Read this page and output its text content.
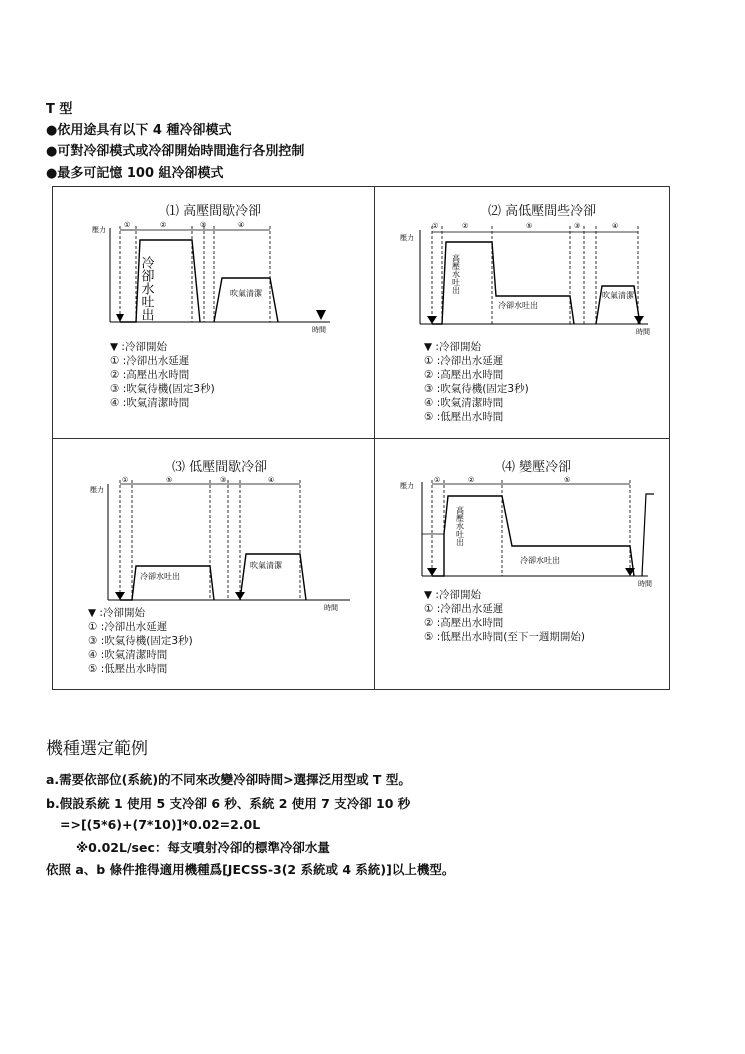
T 型
●依用途具有以下 4 種冷卻模式
●可對冷卻模式或冷卻開始時間進行各別控制
●最多可記憶 100 組冷卻模式
⑴ 高壓間歇冷卻
壓力
時間
①	②	③	④
冷卻水吐出	吹氣清潔
▼ :冷卻開始
① :冷卻出水延遲
② :高壓出水時間
③ :吹氣待機(固定3秒)
④ :吹氣清潔時間
⑵ 高低壓間些冷卻
壓力
時間
①	②	⑤	③	④
高壓水吐出
冷卻水吐出
吹氣清潔
▼ :冷卻開始
① :冷卻出水延遲
② :高壓出水時間
③ :吹氣待機(固定3秒)
④ :吹氣清潔時間
⑤ :低壓出水時間
⑶ 低壓間歇冷卻
壓力
時間
①	⑤	③	④
冷卻水吐出
吹氣清潔
▼ :冷卻開始
① :冷卻出水延遲
③ :吹氣待機(固定3秒)
④ :吹氣清潔時間
⑤ :低壓出水時間
⑷ 變壓冷卻
壓力
時間
①	②	⑤
高壓水吐出
冷卻水吐出
▼ :冷卻開始
① :冷卻出水延遲
② :高壓出水時間
⑤ :低壓出水時間(至下一週期開始)
機種選定範例
a.需要依部位(系統)的不同來改變冷卻時間>選擇泛用型或 T 型。
b.假設系統 1 使用 5 支冷卻 6 秒、系統 2 使用 7 支冷卻 10 秒
=>[(5*6)+(7*10)]*0.02=2.0L
※0.02L/sec：每支噴射冷卻的標準冷卻水量
依照 a、b 條件推得適用機種爲[JECSS-3(2 系統或 4 系統)]以上機型。
